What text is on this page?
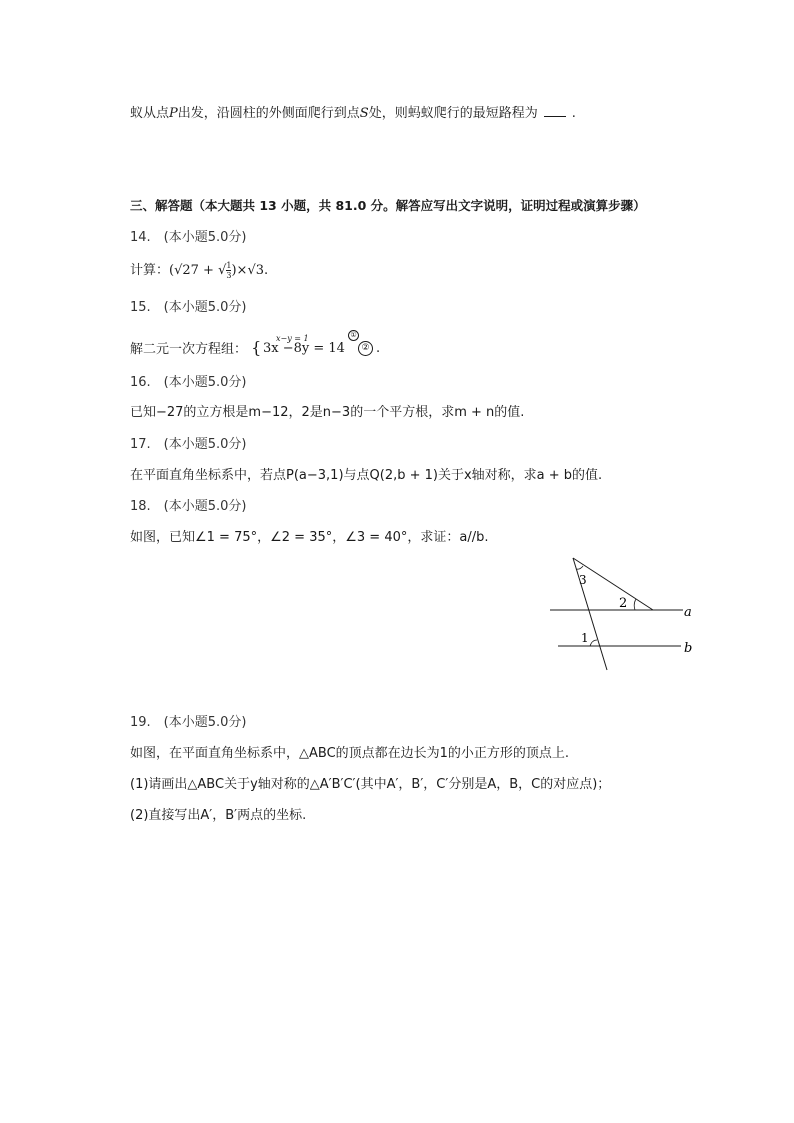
蚁从点P出发，沿圆柱的外侧面爬行到点S处，则蚂蚁爬行的最短路程为	.
三、解答题（本大题共 13 小题，共 81.0 分。解答应写出文字说明，证明过程或演算步骤）
14.　(本小题5.0分)
计算：(√27 + √ $\frac{1}{3} )\times√3$.
15.　(本小题5.0分)
解二元一次方程组： { x−y = 1
3x −8y = 14
①
② .
16.　(本小题5.0分)
已知−27的立方根是m−12，2是n−3的一个平方根，求m + n的值.
17.　(本小题5.0分)
在平面直角坐标系中，若点P(a−3,1)与点Q(2,b + 1)关于x轴对称，求a + b的值.
18.　(本小题5.0分)
如图，已知∠1 = 75°，∠2 = 35°，∠3 = 40°，求证：a//b.
3
2
1
a
b
19.　(本小题5.0分)
如图，在平面直角坐标系中，△ABC的顶点都在边长为1的小正方形的顶点上.
(1)请画出△ABC关于y轴对称的△A′B′C′(其中A′，B′，C′分别是A，B，C的对应点)；
(2)直接写出A′，B′两点的坐标.
